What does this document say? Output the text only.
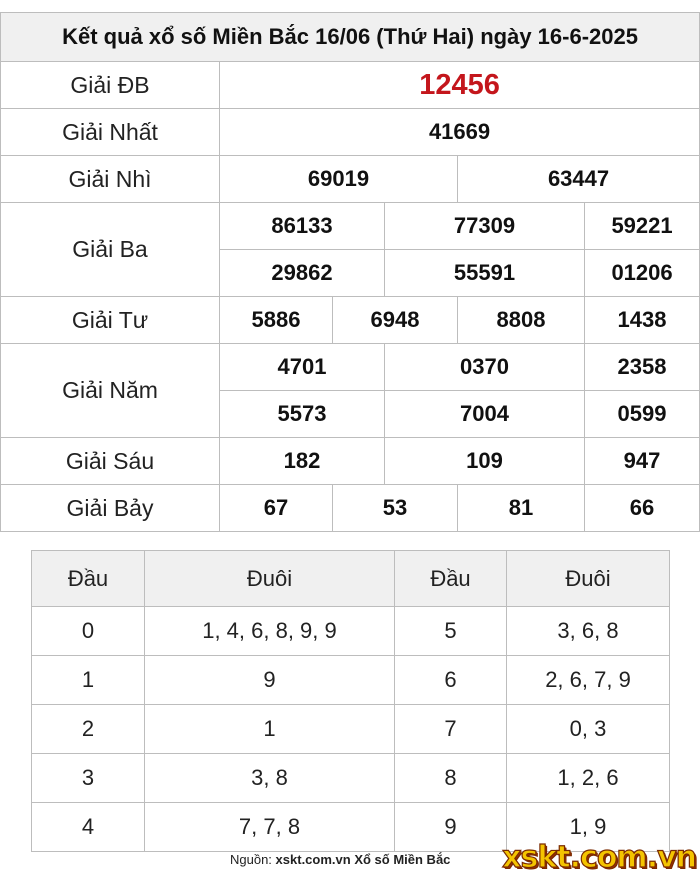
Kết quả xổ số Miền Bắc 16/06 (Thứ Hai) ngày 16-6-2025					
Giải ĐB	12456				
Giải Nhất	41669				
Giải Nhì	69019			63447	
Giải Ba	86133		77309		59221
	29862		55591		01206
Giải Tư	5886	6948		8808	1438
Giải Năm	4701		0370		2358
	5573		7004		0599
Giải Sáu	182		109		947
Giải Bảy	67	53		81	66
Đầu	Đuôi	Đầu	Đuôi
0	1, 4, 6, 8, 9, 9	5	3, 6, 8
1	9	6	2, 6, 7, 9
2	1	7	0, 3
3	3, 8	8	1, 2, 6
4	7, 7, 8	9	1, 9
Nguồn: xskt.com.vn Xổ số Miền Bắc xskt.com.vn
